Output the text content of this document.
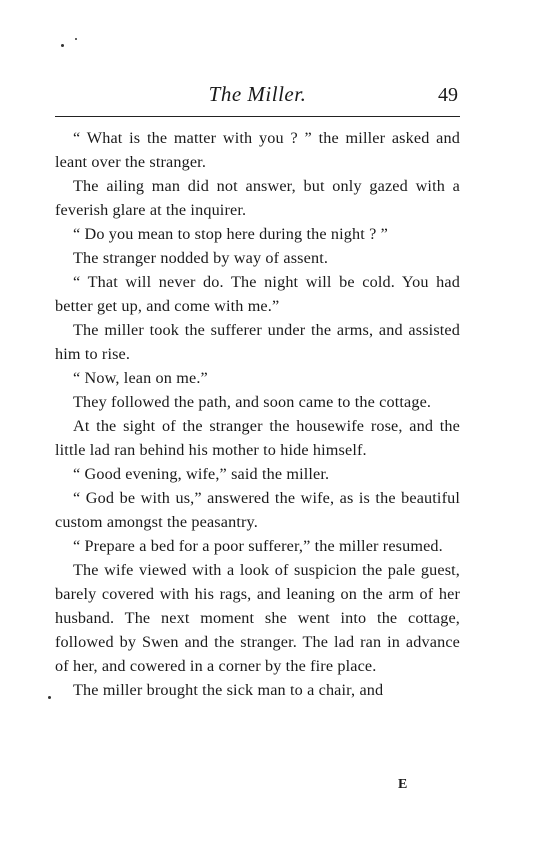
The Miller.	49

“ What is the matter with you ? ” the miller asked and leant over the stranger.

The ailing man did not answer, but only gazed with a feverish glare at the inquirer.

“ Do you mean to stop here during the night ? ”

The stranger nodded by way of assent.

“ That will never do. The night will be cold. You had better get up, and come with me.”

The miller took the sufferer under the arms, and assisted him to rise.

“ Now, lean on me.”

They followed the path, and soon came to the cottage.

At the sight of the stranger the housewife rose, and the little lad ran behind his mother to hide himself.

“ Good evening, wife,” said the miller.

“ God be with us,” answered the wife, as is the beautiful custom amongst the peasantry.

“ Prepare a bed for a poor sufferer,” the miller resumed.

The wife viewed with a look of suspicion the pale guest, barely covered with his rags, and leaning on the arm of her husband. The next moment she went into the cottage, followed by Swen and the stranger. The lad ran in advance of her, and cowered in a corner by the fire place.

The miller brought the sick man to a chair, and

E
